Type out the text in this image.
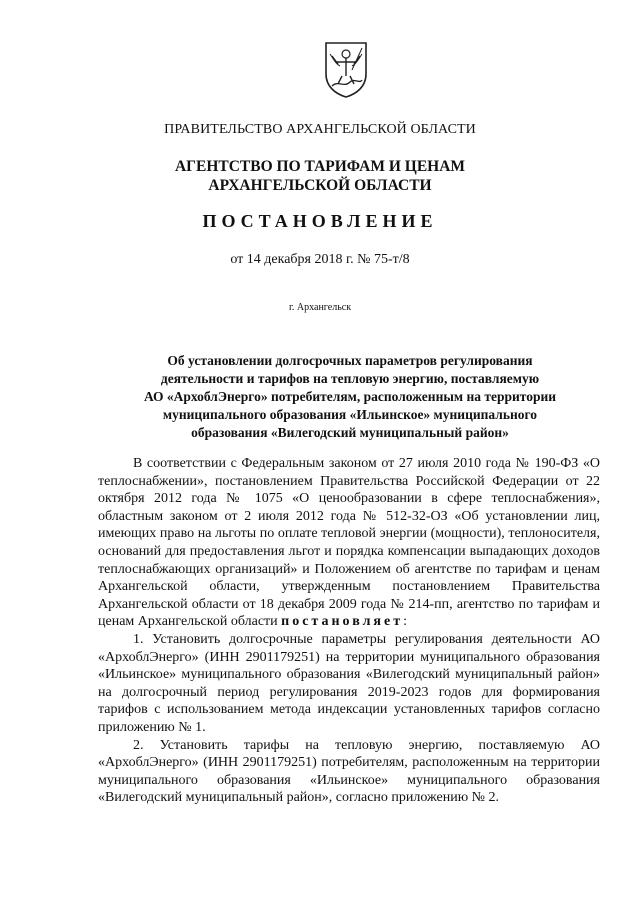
ПРАВИТЕЛЬСТВО АРХАНГЕЛЬСКОЙ ОБЛАСТИ
АГЕНТСТВО ПО ТАРИФАМ И ЦЕНАМ
АРХАНГЕЛЬСКОЙ ОБЛАСТИ
ПОСТАНОВЛЕНИЕ
от 14 декабря 2018 г. № 75-т/8
г. Архангельск
Об установлении долгосрочных параметров регулирования
деятельности и тарифов на тепловую энергию, поставляемую
АО «АрхоблЭнерго» потребителям, расположенным на территории
муниципального образования «Ильинское» муниципального
образования «Вилегодский муниципальный район»

В соответствии с Федеральным законом от 27 июля 2010 года № 190-ФЗ «О теплоснабжении», постановлением Правительства Российской Федерации от 22 октября 2012 года № 1075 «О ценообразовании в сфере теплоснабжения», областным законом от 2 июля 2012 года № 512-32-ОЗ «Об установлении лиц, имеющих право на льготы по оплате тепловой энергии (мощности), теплоносителя, оснований для предоставления льгот и порядка компенсации выпадающих доходов теплоснабжающих организаций» и Положением об агентстве по тарифам и ценам Архангельской области, утвержденным постановлением Правительства Архангельской области от 18 декабря 2009 года № 214-пп, агентство по тарифам и ценам Архангельской области постановляет:

1. Установить долгосрочные параметры регулирования деятельности АО «АрхоблЭнерго» (ИНН 2901179251) на территории муниципального образования «Ильинское» муниципального образования «Вилегодский муниципальный район» на долгосрочный период регулирования 2019-2023 годов для формирования тарифов с использованием метода индексации установленных тарифов согласно приложению № 1.

2. Установить тарифы на тепловую энергию, поставляемую АО «АрхоблЭнерго» (ИНН 2901179251) потребителям, расположенным на территории муниципального образования «Ильинское» муниципального образования «Вилегодский муниципальный район», согласно приложению № 2.
